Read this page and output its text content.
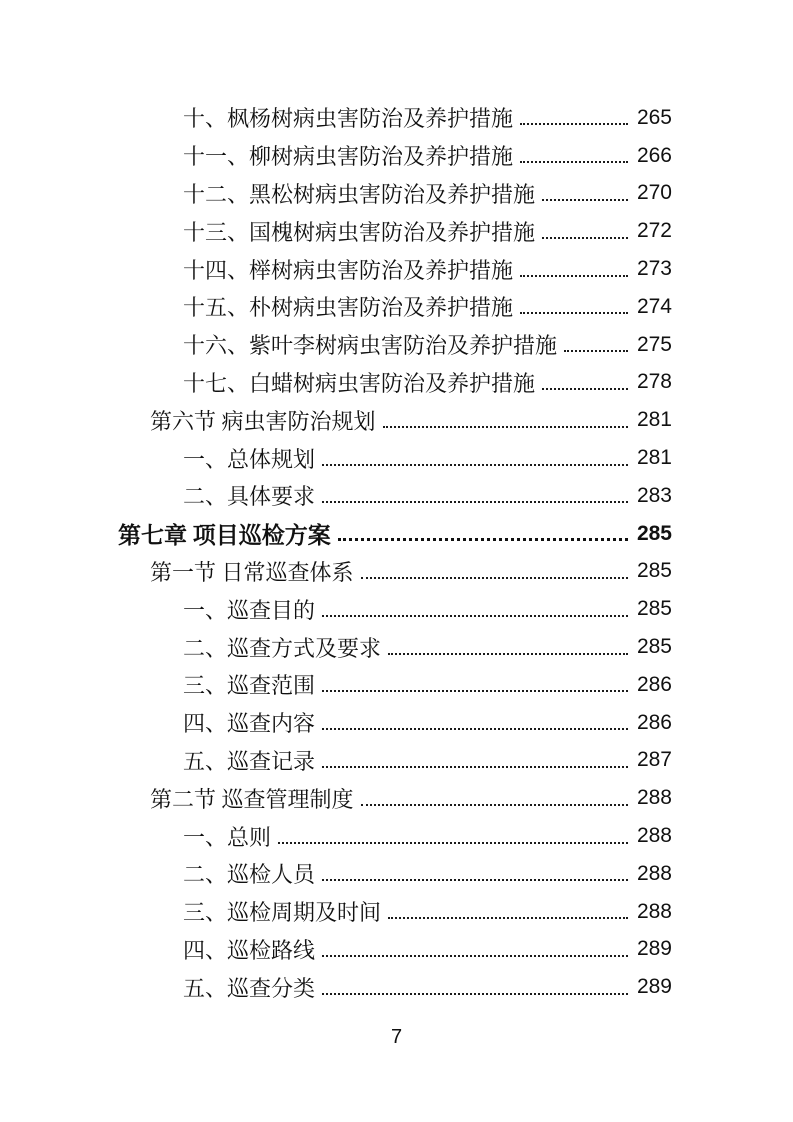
十、枫杨树病虫害防治及养护措施	265
十一、柳树病虫害防治及养护措施	266
十二、黑松树病虫害防治及养护措施	270
十三、国槐树病虫害防治及养护措施	272
十四、榉树病虫害防治及养护措施	273
十五、朴树病虫害防治及养护措施	274
十六、紫叶李树病虫害防治及养护措施	275
十七、白蜡树病虫害防治及养护措施	278
第六节 病虫害防治规划	281
一、总体规划	281
二、具体要求	283
第七章 项目巡检方案	285
第一节 日常巡查体系	285
一、巡查目的	285
二、巡查方式及要求	285
三、巡查范围	286
四、巡查内容	286
五、巡查记录	287
第二节 巡查管理制度	288
一、总则	288
二、巡检人员	288
三、巡检周期及时间	288
四、巡检路线	289
五、巡查分类	289
7
